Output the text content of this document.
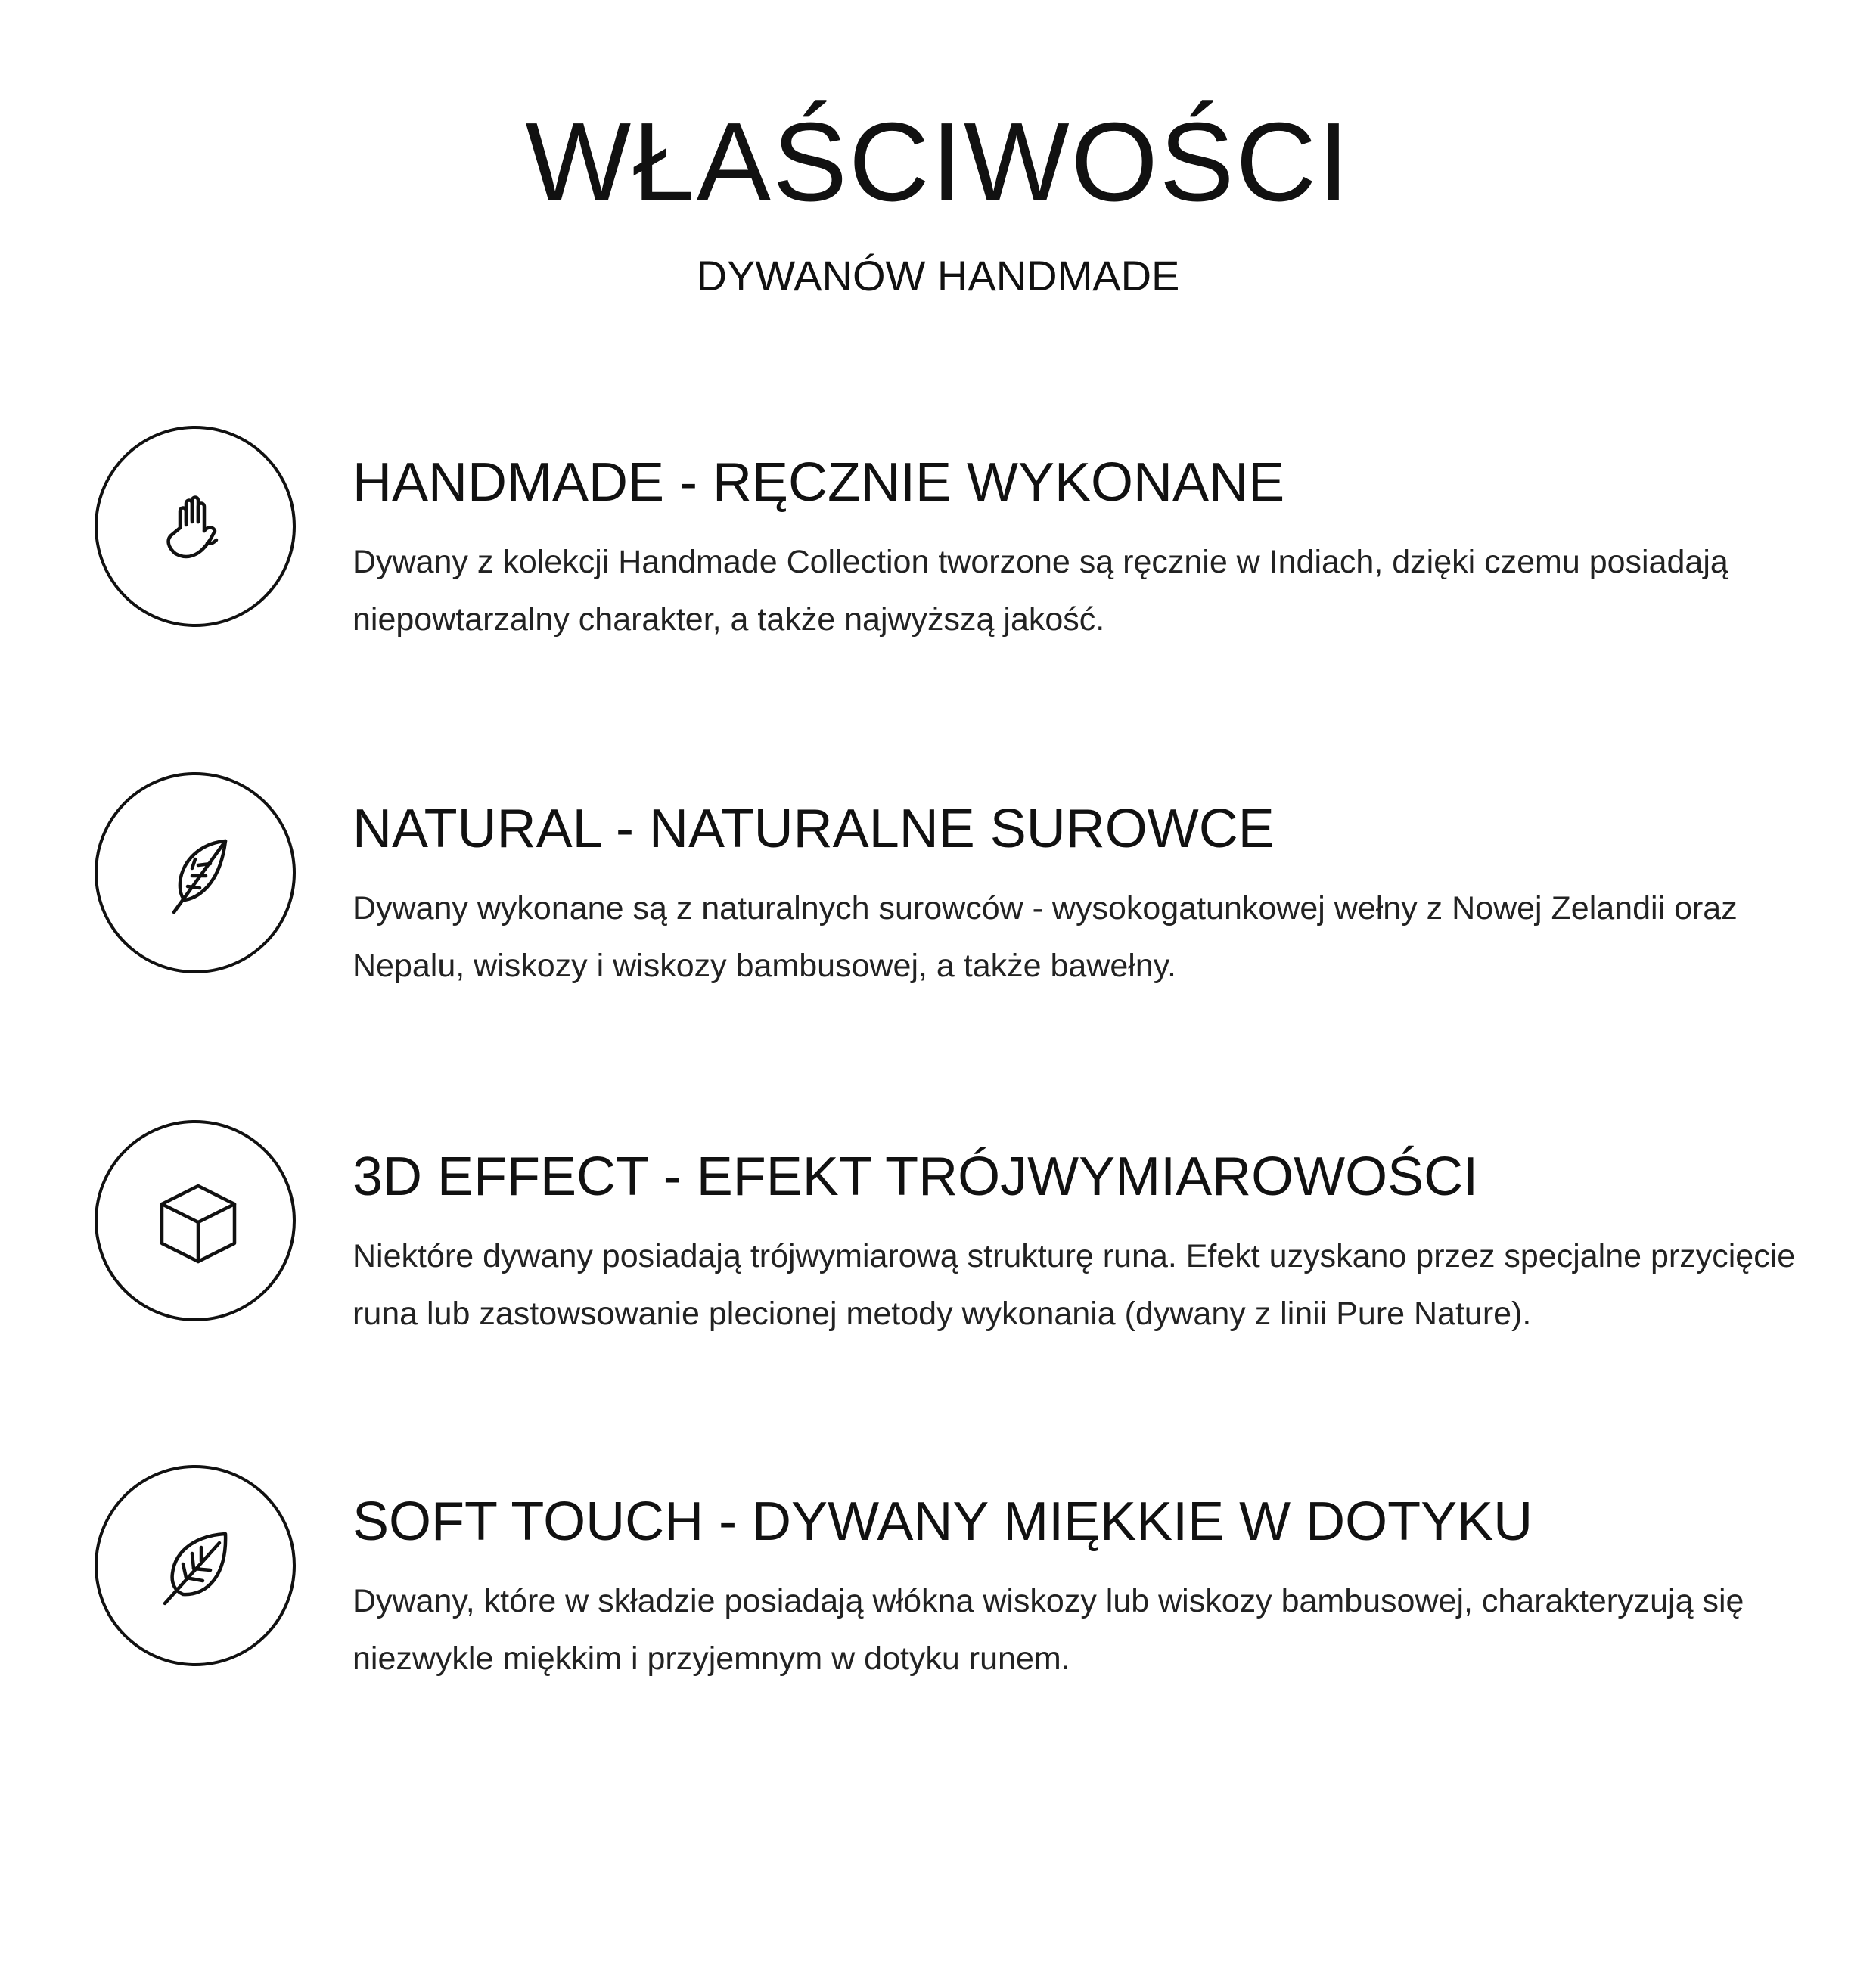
WŁAŚCIWOŚCI
DYWANÓW HANDMADE
HANDMADE - RĘCZNIE WYKONANE
Dywany z kolekcji Handmade Collection tworzone są ręcznie w Indiach, dzięki czemu posiadają niepowtarzalny charakter, a także najwyższą jakość.
NATURAL - NATURALNE SUROWCE
Dywany wykonane są z naturalnych surowców - wysokogatunkowej wełny z Nowej Zelandii oraz Nepalu, wiskozy i wiskozy bambusowej, a także bawełny.
3D EFFECT - EFEKT TRÓJWYMIAROWOŚCI
Niektóre dywany posiadają trójwymiarową strukturę runa. Efekt uzyskano przez specjalne przycięcie runa lub zastowsowanie plecionej metody wykonania (dywany z linii Pure Nature).
SOFT TOUCH - DYWANY MIĘKKIE W DOTYKU
Dywany, które w składzie posiadają włókna wiskozy lub wiskozy bambusowej, charakteryzują się niezwykle miękkim i przyjemnym w dotyku runem.
